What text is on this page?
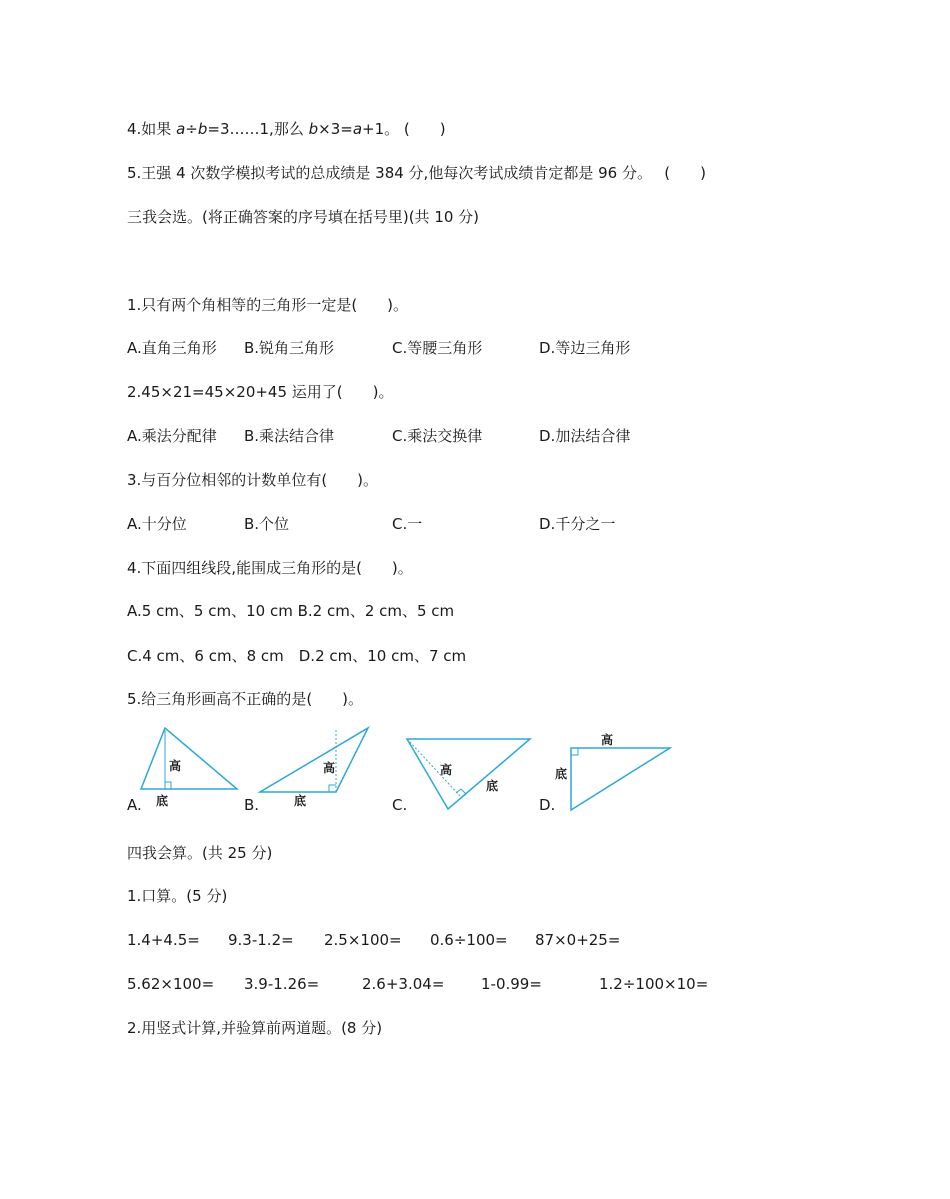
4.如果 a÷b=3……1,那么 b×3=a+1。 (　　)
5.王强 4 次数学模拟考试的总成绩是 384 分,他每次考试成绩肯定都是 96 分。　 (　　)
三我会选。(将正确答案的序号填在括号里)(共 10 分)
1.只有两个角相等的三角形一定是(　　)。
A.直角三角形 B.锐角三角形	C.等腰三角形	D.等边三角形
2.45×21=45×20+45 运用了(　　)。
A.乘法分配律 B.乘法结合律	C.乘法交换律	D.加法结合律
3.与百分位相邻的计数单位有(　　)。
A.十分位	B.个位	C.一	D.千分之一
4.下面四组线段,能围成三角形的是(　　)。
A.5 cm、5 cm、10 cm B.2 cm、2 cm、5 cm
C.4 cm、6 cm、8 cm　D.2 cm、10 cm、7 cm
5.给三角形画高不正确的是(　　)。
高
底
A.
高
底
B.
高
底
C.
高
底
D.
四我会算。(共 25 分)
1.口算。(5 分)
1.4+4.5= 9.3-1.2= 2.5×100= 0.6÷100= 87×0+25=
5.62×100= 3.9-1.26=	2.6+3.04= 1-0.99=	1.2÷100×10=
2.用竖式计算,并验算前两道题。(8 分)
